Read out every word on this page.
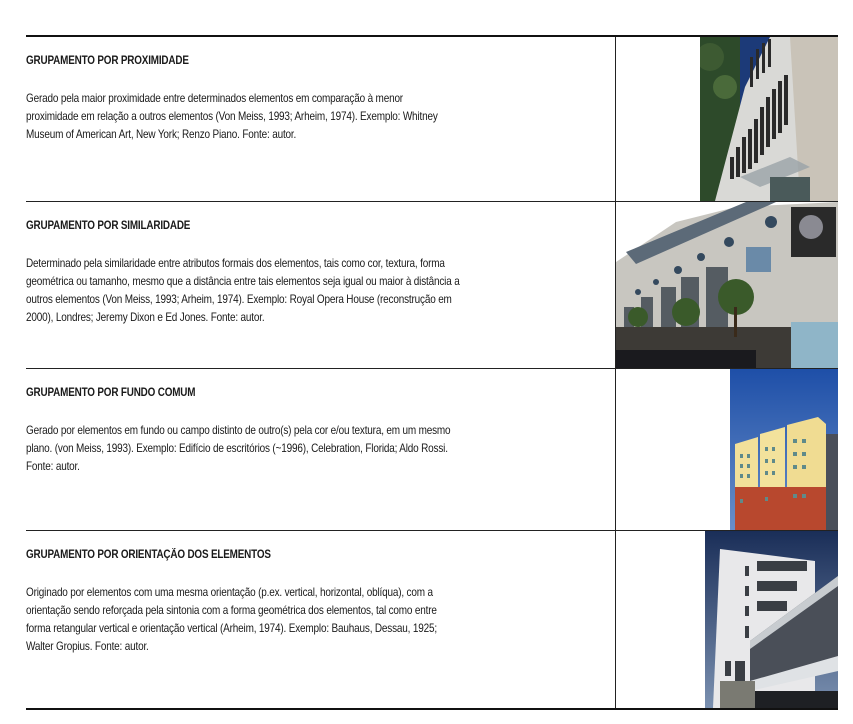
GRUPAMENTO POR PROXIMIDADE

Gerado pela maior proximidade entre determinados elementos em comparação à menor

proximidade em relação a outros elementos (Von Meiss, 1993; Arheim, 1974). Exemplo: Whitney

Museum of American Art, New York; Renzo Piano. Fonte: autor.

GRUPAMENTO POR SIMILARIDADE

Determinado pela similaridade entre atributos formais dos elementos, tais como cor, textura, forma

geométrica ou tamanho, mesmo que a distância entre tais elementos seja igual ou maior à distância a

outros elementos (Von Meiss, 1993; Arheim, 1974). Exemplo: Royal Opera House (reconstrução em

2000), Londres; Jeremy Dixon e Ed Jones. Fonte: autor.

GRUPAMENTO POR FUNDO COMUM

Gerado por elementos em fundo ou campo distinto de outro(s) pela cor e/ou textura, em um mesmo

plano. (von Meiss, 1993). Exemplo: Edifício de escritórios (~1996), Celebration, Florida; Aldo Rossi.

Fonte: autor.

GRUPAMENTO POR ORIENTAÇÃO DOS ELEMENTOS

Originado por elementos com uma mesma orientação (p.ex. vertical, horizontal, oblíqua), com a

orientação sendo reforçada pela sintonia com a forma geométrica dos elementos, tal como entre

forma retangular vertical e orientação vertical (Arheim, 1974). Exemplo: Bauhaus, Dessau, 1925;

Walter Gropius. Fonte: autor.
